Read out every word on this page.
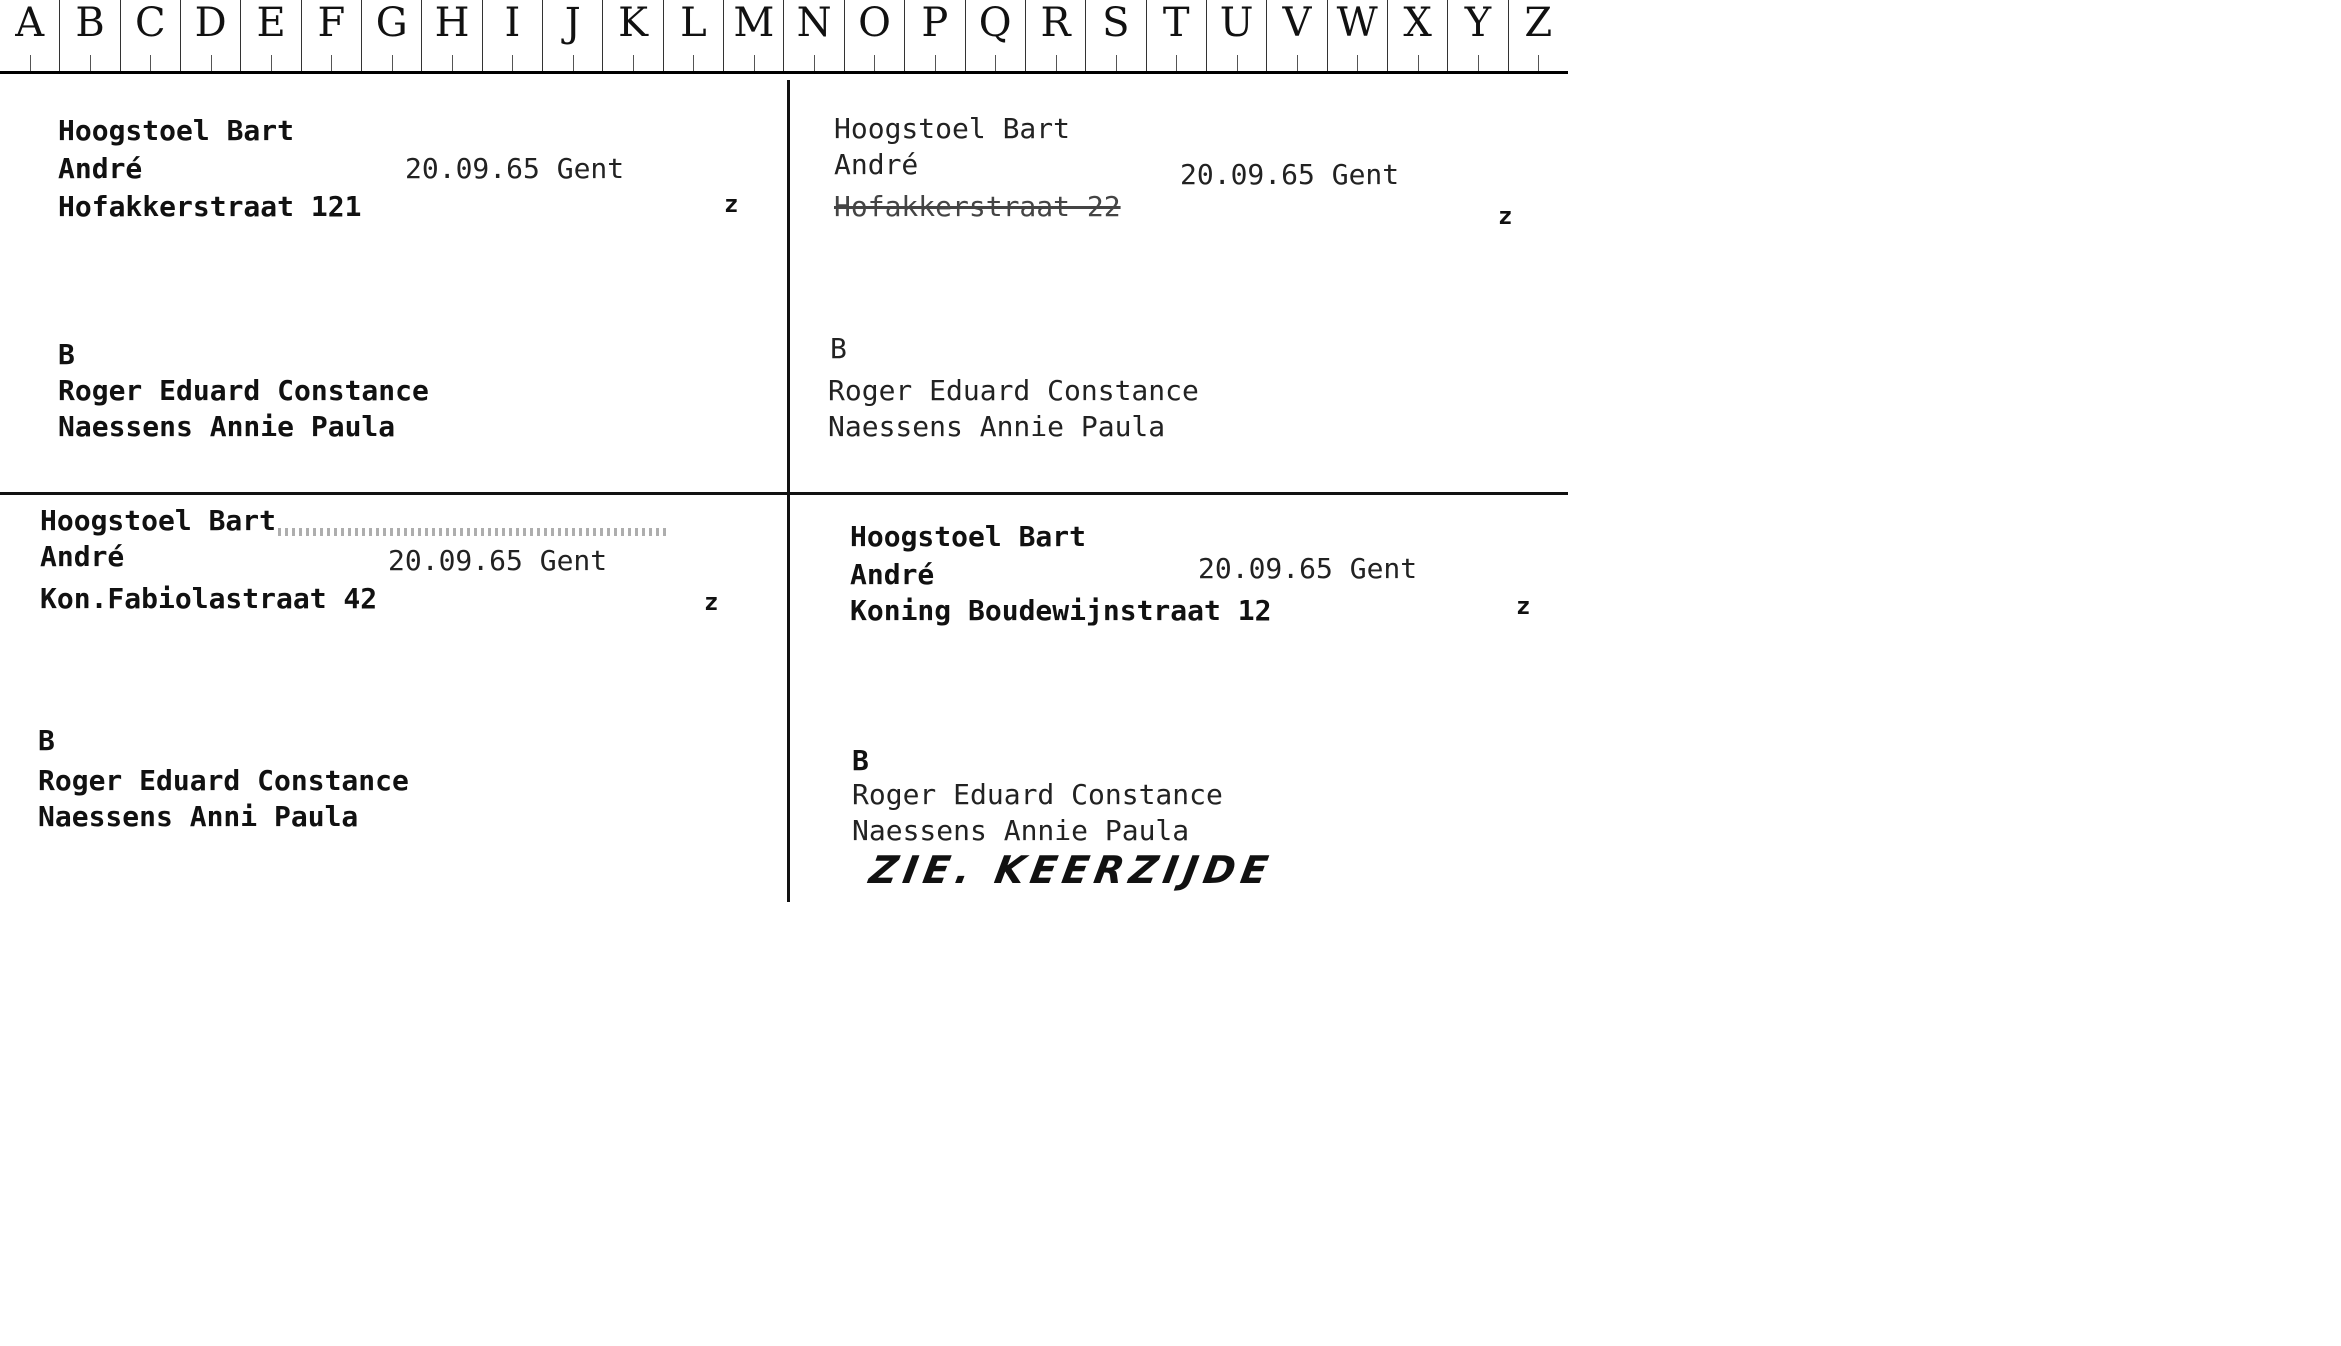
A B C D E F G H I	J K L M N O P Q R S T U V W X Y Z
Hoogstoel Bart
André	20.09.65 Gent
Hofakkerstraat 121	z
B
Roger Eduard Constance
Naessens Annie Paula
Hoogstoel Bart
André	20.09.65 Gent
Hofakkerstraat 22	z
B
Roger Eduard Constance
Naessens Annie Paula
Hoogstoel Bart
André	20.09.65 Gent
Kon.Fabiolastraat 42	z
B
Roger Eduard Constance
Naessens Anni Paula
Hoogstoel Bart
André	20.09.65 Gent
Koning Boudewijnstraat 12	z
B
Roger Eduard Constance
Naessens Annie Paula
ZIE. KEERZIJDE
